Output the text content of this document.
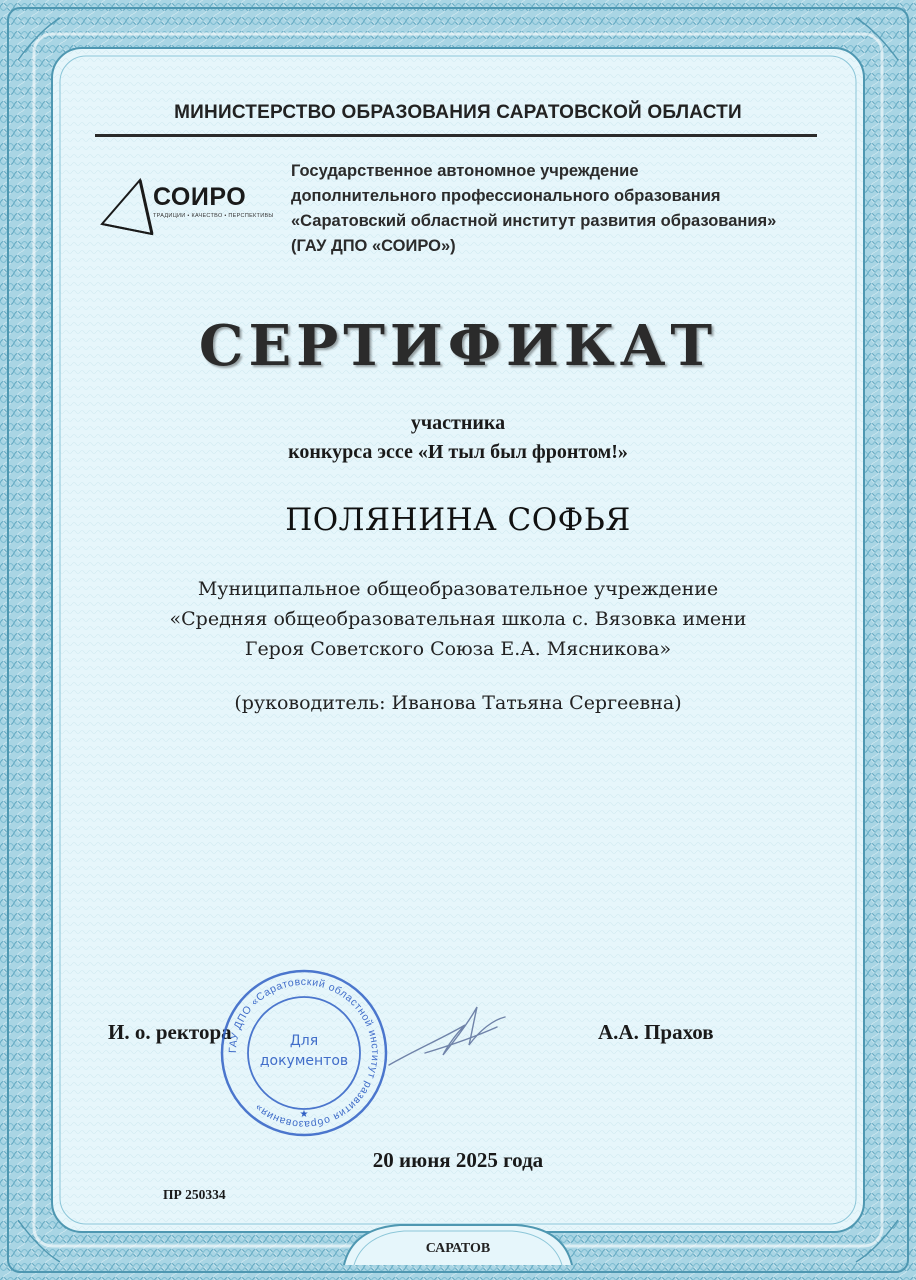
МИНИСТЕРСТВО ОБРАЗОВАНИЯ САРАТОВСКОЙ ОБЛАСТИ
СОИРО
ТРАДИЦИИ • КАЧЕСТВО • ПЕРСПЕКТИВЫ
Государственное автономное учреждение
дополнительного профессионального образования
«Саратовский областной институт развития образования»
(ГАУ ДПО «СОИРО»)
СЕРТИФИКАТ
участника
конкурса эссе «И тыл был фронтом!»
ПОЛЯНИНА СОФЬЯ
Муниципальное общеобразовательное учреждение
«Средняя общеобразовательная школа с. Вязовка имени
Героя Советского Союза Е.А. Мясникова»
(руководитель: Иванова Татьяна Сергеевна)
И. о. ректора
ГАУ ДПО «Саратовский областной институт развития образования»
Для
документов
★
А.А. Прахов
20 июня 2025 года
ПР 250334
САРАТОВ
